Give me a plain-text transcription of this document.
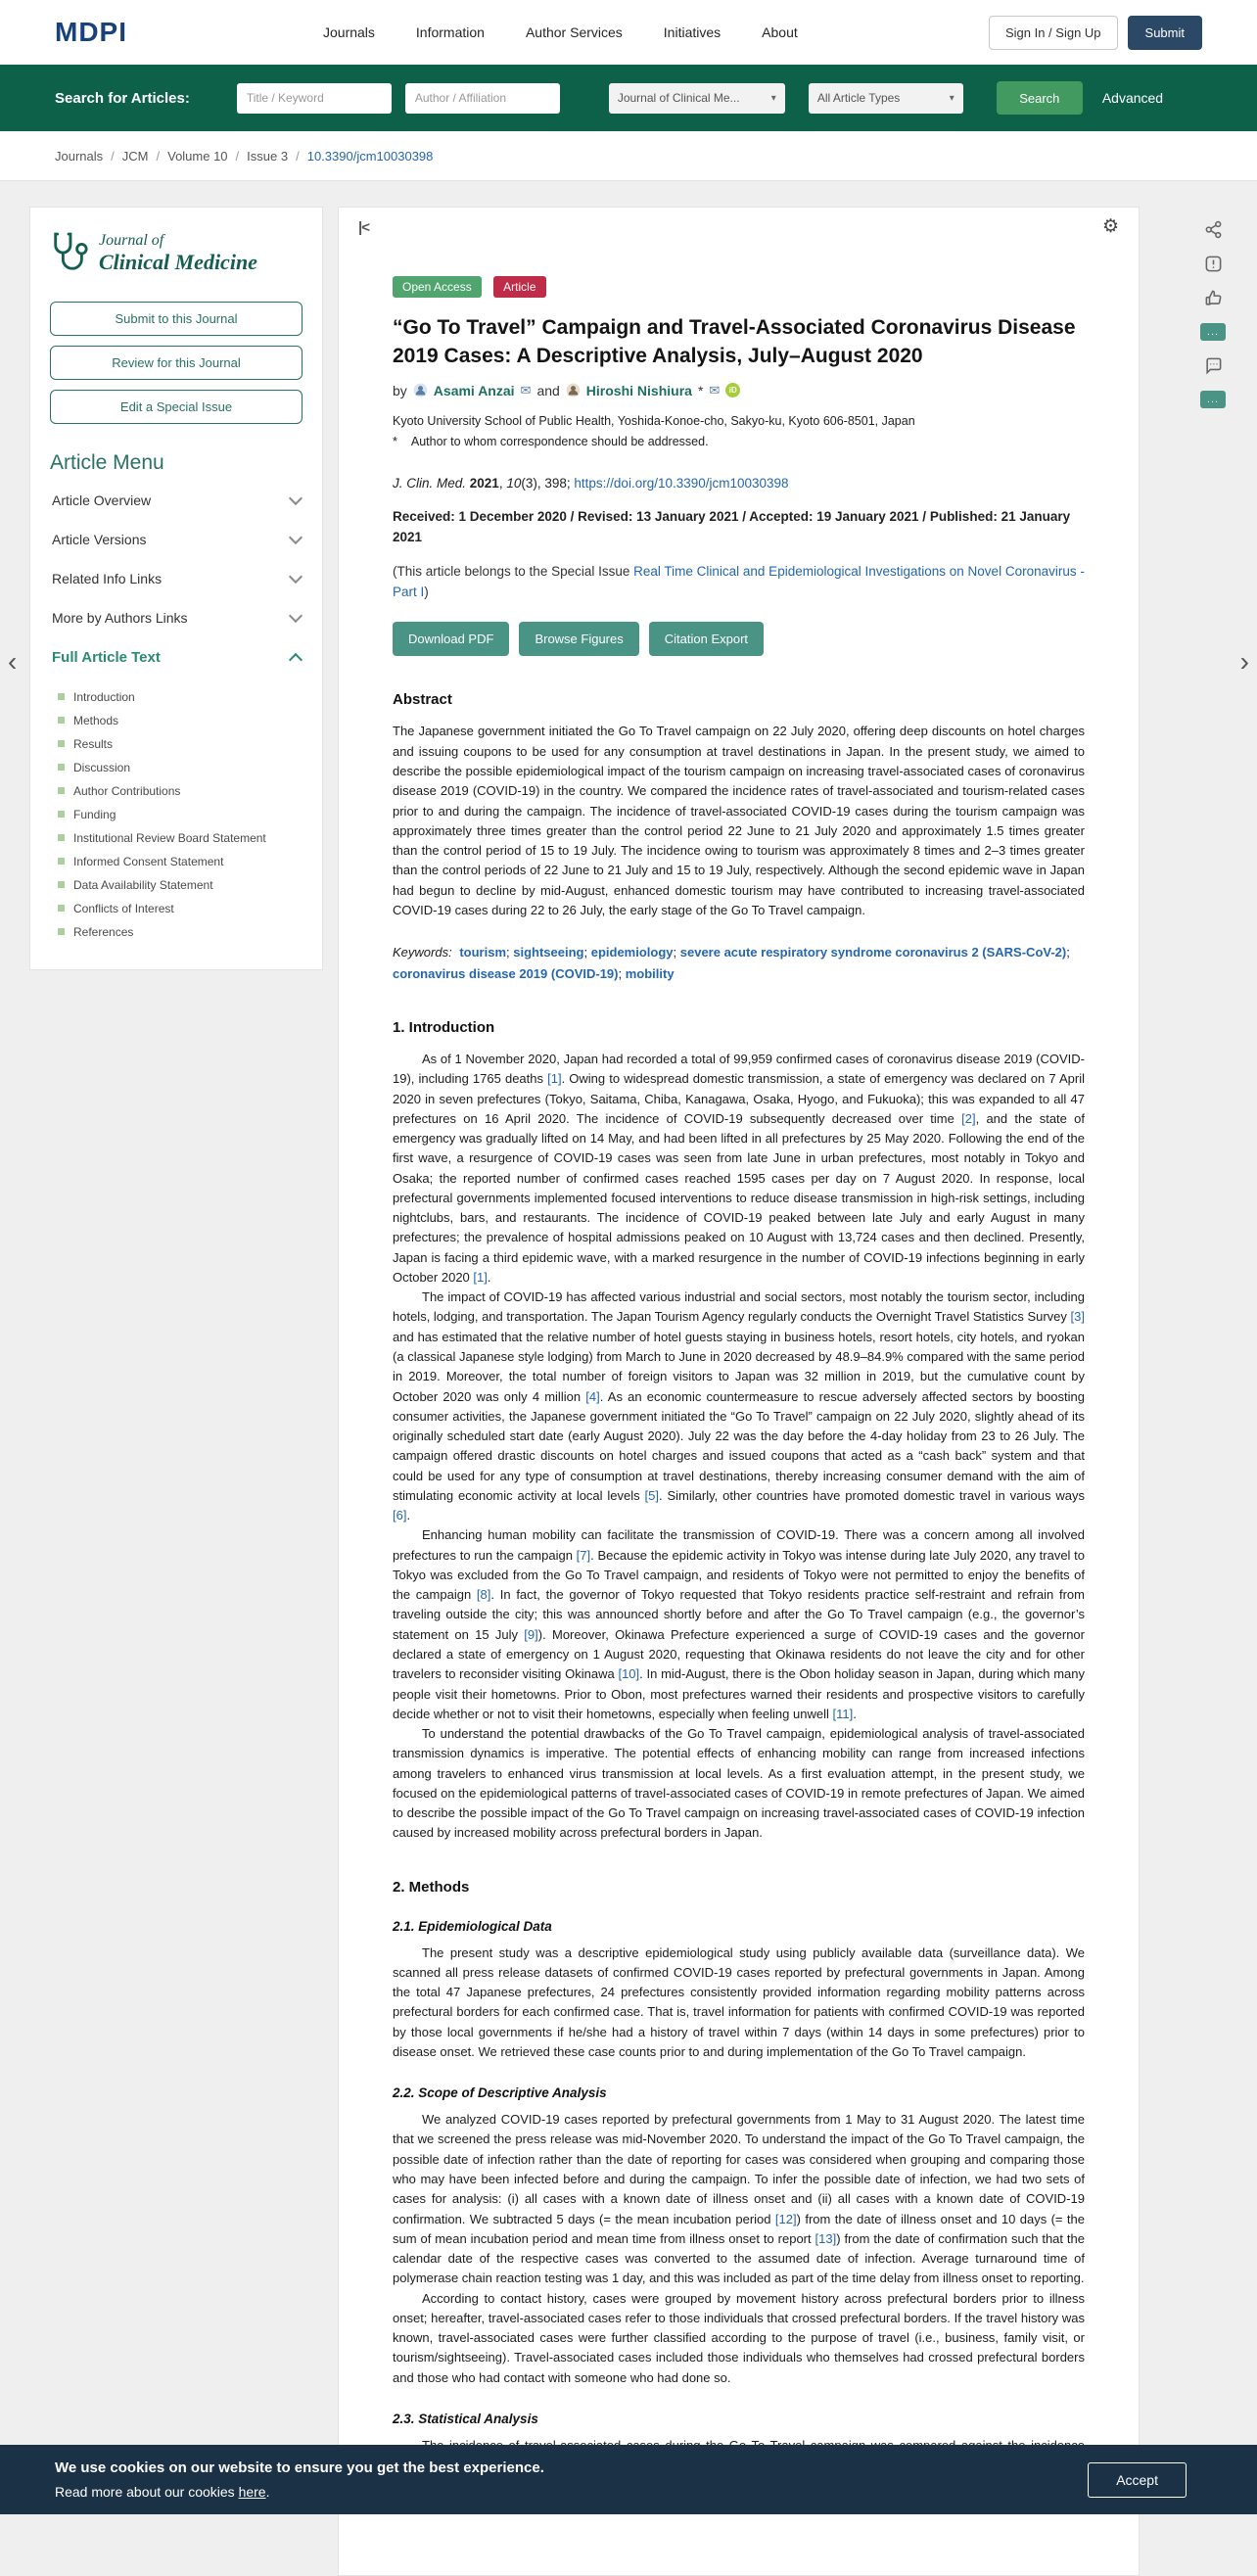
MDPI	Journals	Information	Author Services	Initiatives	About	Sign In / Sign Up	Submit
Search for Articles:
Title / Keyword
Author / Affiliation	Journal of Clinical Me...	▾	All Article Types	▾	Search	Advanced
Journals / JCM / Volume 10 / Issue 3 / 10.3390/jcm10030398
Journal of
Clinical Medicine
Submit to this Journal
Review for this Journal
Edit a Special Issue
Article Menu
Article Overview
Article Versions
Related Info Links
More by Authors Links
Full Article Text
Introduction
Methods
Results
Discussion
Author Contributions
Funding
Institutional Review Board Statement
Informed Consent Statement
Data Availability Statement
Conflicts of Interest
References
|<	⚙
Open Access	Article
“Go To Travel” Campaign and Travel-Associated Coronavirus Disease 2019 Cases: A Descriptive Analysis, July–August 2020
by Asami Anzai ✉ and Hiroshi Nishiura * ✉	iD

Kyoto University School of Public Health, Yoshida-Konoe-cho, Sakyo-ku, Kyoto 606-8501, Japan

* Author to whom correspondence should be addressed.

J. Clin. Med. 2021, 10(3), 398; https://doi.org/10.3390/jcm10030398

Received: 1 December 2020 / Revised: 13 January 2021 / Accepted: 19 January 2021 / Published: 21 January 2021

(This article belongs to the Special Issue Real Time Clinical and Epidemiological Investigations on Novel Coronavirus - Part I)

Download PDF	Browse Figures	Citation Export
Abstract

The Japanese government initiated the Go To Travel campaign on 22 July 2020, offering deep discounts on hotel charges and issuing coupons to be used for any consumption at travel destinations in Japan. In the present study, we aimed to describe the possible epidemiological impact of the tourism campaign on increasing travel-associated cases of coronavirus disease 2019 (COVID-19) in the country. We compared the incidence rates of travel-associated and tourism-related cases prior to and during the campaign. The incidence of travel-associated COVID-19 cases during the tourism campaign was approximately three times greater than the control period 22 June to 21 July 2020 and approximately 1.5 times greater than the control period of 15 to 19 July. The incidence owing to tourism was approximately 8 times and 2–3 times greater than the control periods of 22 June to 21 July and 15 to 19 July, respectively. Although the second epidemic wave in Japan had begun to decline by mid-August, enhanced domestic tourism may have contributed to increasing travel-associated COVID-19 cases during 22 to 26 July, the early stage of the Go To Travel campaign.

Keywords: tourism; sightseeing; epidemiology; severe acute respiratory syndrome coronavirus 2 (SARS-CoV-2); coronavirus disease 2019 (COVID-19); mobility

1. Introduction

As of 1 November 2020, Japan had recorded a total of 99,959 confirmed cases of coronavirus disease 2019 (COVID-19), including 1765 deaths [1]. Owing to widespread domestic transmission, a state of emergency was declared on 7 April 2020 in seven prefectures (Tokyo, Saitama, Chiba, Kanagawa, Osaka, Hyogo, and Fukuoka); this was expanded to all 47 prefectures on 16 April 2020. The incidence of COVID-19 subsequently decreased over time [2], and the state of emergency was gradually lifted on 14 May, and had been lifted in all prefectures by 25 May 2020. Following the end of the first wave, a resurgence of COVID-19 cases was seen from late June in urban prefectures, most notably in Tokyo and Osaka; the reported number of confirmed cases reached 1595 cases per day on 7 August 2020. In response, local prefectural governments implemented focused interventions to reduce disease transmission in high-risk settings, including nightclubs, bars, and restaurants. The incidence of COVID-19 peaked between late July and early August in many prefectures; the prevalence of hospital admissions peaked on 10 August with 13,724 cases and then declined. Presently, Japan is facing a third epidemic wave, with a marked resurgence in the number of COVID-19 infections beginning in early October 2020 [1].

The impact of COVID-19 has affected various industrial and social sectors, most notably the tourism sector, including hotels, lodging, and transportation. The Japan Tourism Agency regularly conducts the Overnight Travel Statistics Survey [3] and has estimated that the relative number of hotel guests staying in business hotels, resort hotels, city hotels, and ryokan (a classical Japanese style lodging) from March to June in 2020 decreased by 48.9–84.9% compared with the same period in 2019. Moreover, the total number of foreign visitors to Japan was 32 million in 2019, but the cumulative count by October 2020 was only 4 million [4]. As an economic countermeasure to rescue adversely affected sectors by boosting consumer activities, the Japanese government initiated the “Go To Travel” campaign on 22 July 2020, slightly ahead of its originally scheduled start date (early August 2020). July 22 was the day before the 4-day holiday from 23 to 26 July. The campaign offered drastic discounts on hotel charges and issued coupons that acted as a “cash back” system and that could be used for any type of consumption at travel destinations, thereby increasing consumer demand with the aim of stimulating economic activity at local levels [5]. Similarly, other countries have promoted domestic travel in various ways [6].

Enhancing human mobility can facilitate the transmission of COVID-19. There was a concern among all involved prefectures to run the campaign [7]. Because the epidemic activity in Tokyo was intense during late July 2020, any travel to Tokyo was excluded from the Go To Travel campaign, and residents of Tokyo were not permitted to enjoy the benefits of the campaign [8]. In fact, the governor of Tokyo requested that Tokyo residents practice self-restraint and refrain from traveling outside the city; this was announced shortly before and after the Go To Travel campaign (e.g., the governor’s statement on 15 July [9]). Moreover, Okinawa Prefecture experienced a surge of COVID-19 cases and the governor declared a state of emergency on 1 August 2020, requesting that Okinawa residents do not leave the city and for other travelers to reconsider visiting Okinawa [10]. In mid-August, there is the Obon holiday season in Japan, during which many people visit their hometowns. Prior to Obon, most prefectures warned their residents and prospective visitors to carefully decide whether or not to visit their hometowns, especially when feeling unwell [11].

To understand the potential drawbacks of the Go To Travel campaign, epidemiological analysis of travel-associated transmission dynamics is imperative. The potential effects of enhancing mobility can range from increased infections among travelers to enhanced virus transmission at local levels. As a first evaluation attempt, in the present study, we focused on the epidemiological patterns of travel-associated cases of COVID-19 in remote prefectures of Japan. We aimed to describe the possible impact of the Go To Travel campaign on increasing travel-associated cases of COVID-19 infection caused by increased mobility across prefectural borders in Japan.

2. Methods
2.1. Epidemiological Data

The present study was a descriptive epidemiological study using publicly available data (surveillance data). We scanned all press release datasets of confirmed COVID-19 cases reported by prefectural governments in Japan. Among the total 47 Japanese prefectures, 24 prefectures consistently provided information regarding mobility patterns across prefectural borders for each confirmed case. That is, travel information for patients with confirmed COVID-19 was reported by those local governments if he/she had a history of travel within 7 days (within 14 days in some prefectures) prior to disease onset. We retrieved these case counts prior to and during implementation of the Go To Travel campaign.

2.2. Scope of Descriptive Analysis

We analyzed COVID-19 cases reported by prefectural governments from 1 May to 31 August 2020. The latest time that we screened the press release was mid-November 2020. To understand the impact of the Go To Travel campaign, the possible date of infection rather than the date of reporting for cases was considered when grouping and comparing those who may have been infected before and during the campaign. To infer the possible date of infection, we had two sets of cases for analysis: (i) all cases with a known date of illness onset and (ii) all cases with a known date of COVID-19 confirmation. We subtracted 5 days (= the mean incubation period [12]) from the date of illness onset and 10 days (= the sum of mean incubation period and mean time from illness onset to report [13]) from the date of confirmation such that the calendar date of the respective cases was converted to the assumed date of infection. Average turnaround time of polymerase chain reaction testing was 1 day, and this was included as part of the time delay from illness onset to reporting.

According to contact history, cases were grouped by movement history across prefectural borders prior to illness onset; hereafter, travel-associated cases refer to those individuals that crossed prefectural borders. If the travel history was known, travel-associated cases were further classified according to the purpose of travel (i.e., business, family visit, or tourism/sightseeing). Travel-associated cases included those individuals who themselves had crossed prefectural borders and those who had contact with someone who had done so.

2.3. Statistical Analysis

...
...
‹	›
We use cookies on our website to ensure you get the best experience.
Read more about our cookies here.
Accept
